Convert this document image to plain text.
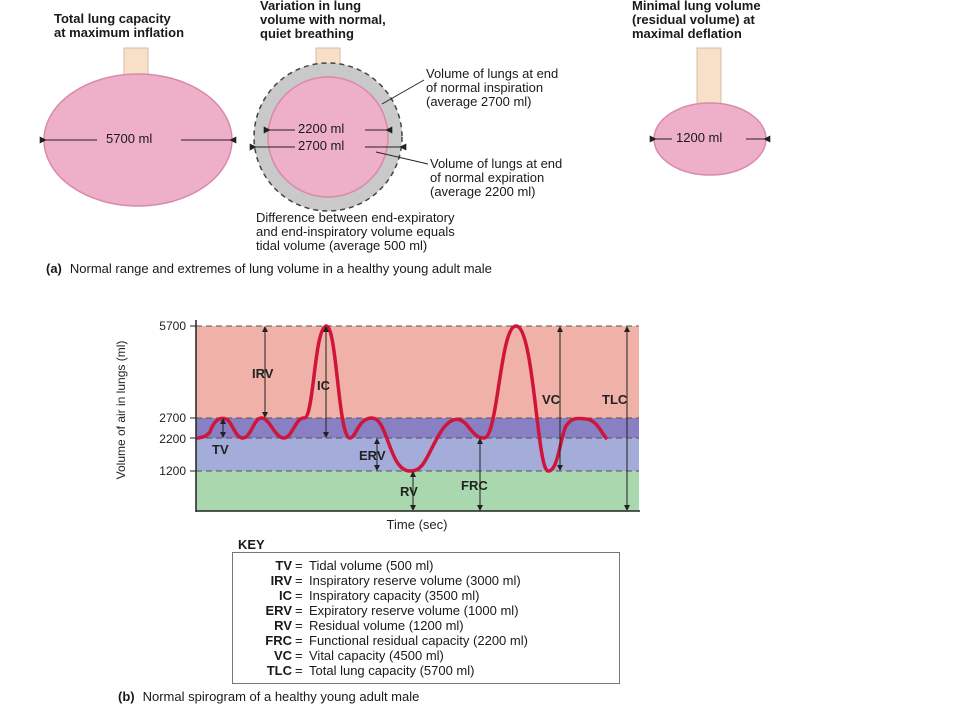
Total lung capacity
at maximum inflation
Variation in lung
volume with normal,
quiet breathing
Minimal lung volume
(residual volume) at
maximal deflation
5700 ml
2200 ml
2700 ml
1200 ml
Volume of lungs at end
of normal inspiration
(average 2700 ml)
Volume of lungs at end
of normal expiration
(average 2200 ml)
Difference between end-expiratory
and end-inspiratory volume equals
tidal volume (average 500 ml)
(a) Normal range and extremes of lung volume in a healthy young adult male
5700
2700
2200
1200
Volume of air in lungs (ml)
Time (sec)
IRV
IC
TV	ERV
RV	FRC
VC	TLC
TV = Tidal volume (500 ml)
IRV = Inspiratory reserve volume (3000 ml)
IC = Inspiratory capacity (3500 ml)
ERV = Expiratory reserve volume (1000 ml)
RV = Residual volume (1200 ml)
FRC = Functional residual capacity (2200 ml)
VC = Vital capacity (4500 ml)
TLC = Total lung capacity (5700 ml)
KEY
(b) Normal spirogram of a healthy young adult male
